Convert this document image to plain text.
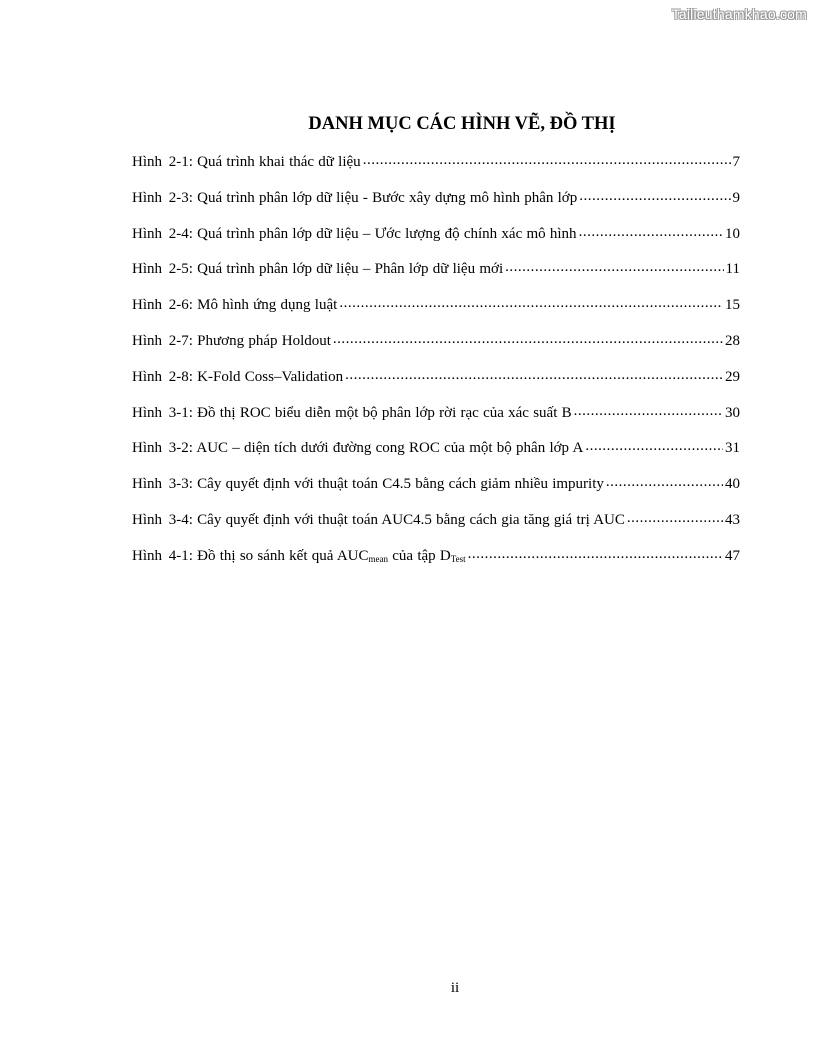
Tailieuthamkhao.com
DANH MỤC CÁC HÌNH VẼ, ĐỒ THỊ
Hình 2-1: Quá trình khai thác dữ liệu .....	7
Hình 2-3: Quá trình phân lớp dữ liệu - Bước xây dựng mô hình phân lớp .....	9
Hình 2-4: Quá trình phân lớp dữ liệu – Ước lượng độ chính xác mô hình .....	10
Hình 2-5: Quá trình phân lớp dữ liệu – Phân lớp dữ liệu mới .....	11
Hình 2-6: Mô hình ứng dụng luật .....	15
Hình 2-7: Phương pháp Holdout .....	28
Hình 2-8: K-Fold Coss–Validation .....	29
Hình 3-1: Đồ thị ROC biểu diễn một bộ phân lớp rời rạc của xác suất B .....	30
Hình 3-2: AUC – diện tích dưới đường cong ROC của một bộ phân lớp A .....	31
Hình 3-3: Cây quyết định với thuật toán C4.5 bằng cách giảm nhiều impurity .....	40
Hình 3-4: Cây quyết định với thuật toán AUC4.5 bằng cách gia tăng giá trị AUC .....	43
Hình 4-1: Đồ thị so sánh kết quả $AUC_{mean}$ của tập $D_{Test}$ .....	47
ii
